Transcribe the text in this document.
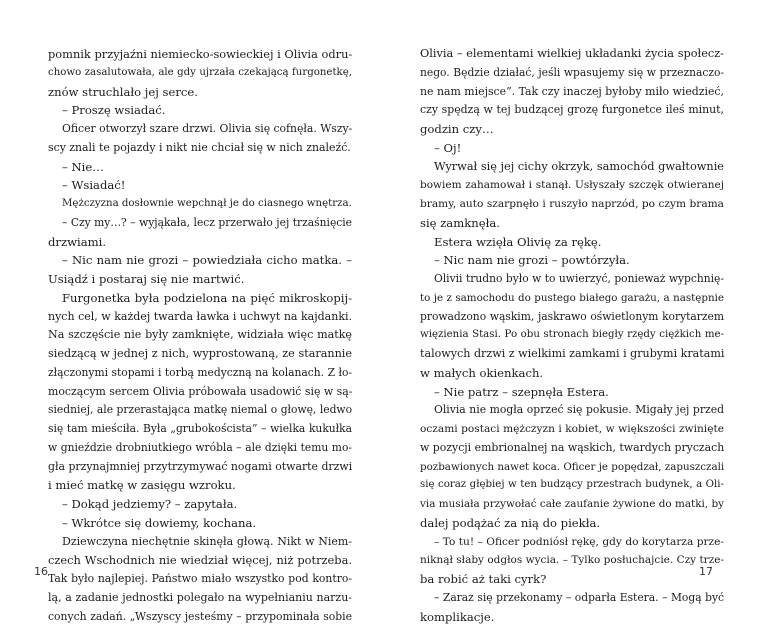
pomnik przyjaźni niemiecko-sowieckiej i Olivia odru-
chowo zasalutowała, ale gdy ujrzała czekającą furgonetkę,
znów struchlało jej serce.
– Proszę wsiadać.
Oficer otworzył szare drzwi. Olivia się cofnęła. Wszy-
scy znali te pojazdy i nikt nie chciał się w nich znaleźć.
– Nie…
– Wsiadać!
Mężczyzna dosłownie wepchnął je do ciasnego wnętrza.
– Czy my…? – wyjąkała, lecz przerwało jej trzaśnięcie
drzwiami.
– Nic nam nie grozi – powiedziała cicho matka. –
Usiądź i postaraj się nie martwić.
Furgonetka była podzielona na pięć mikroskopij-
nych cel, w każdej twarda ławka i uchwyt na kajdanki.
Na szczęście nie były zamknięte, widziała więc matkę
siedzącą w jednej z nich, wyprostowaną, ze starannie
złączonymi stopami i torbą medyczną na kolanach. Z ło-
moczącym sercem Olivia próbowała usadowić się w są-
siedniej, ale przerastająca matkę niemal o głowę, ledwo
się tam mieściła. Była „grubokoścista” – wielka kukułka
w gnieździe drobniutkiego wróbla – ale dzięki temu mo-
gła przynajmniej przytrzymywać nogami otwarte drzwi
i mieć matkę w zasięgu wzroku.
– Dokąd jedziemy? – zapytała.
– Wkrótce się dowiemy, kochana.
Dziewczyna niechętnie skinęła głową. Nikt w Niem-
czech Wschodnich nie wiedział więcej, niż potrzeba.
Tak było najlepiej. Państwo miało wszystko pod kontro-
lą, a zadanie jednostki polegało na wypełnianiu narzu-
conych zadań. „Wszyscy jesteśmy – przypominała sobie
Olivia – elementami wielkiej układanki życia społecz-
nego. Będzie działać, jeśli wpasujemy się w przeznaczo-
ne nam miejsce”. Tak czy inaczej byłoby miło wiedzieć,
czy spędzą w tej budzącej grozę furgonetce ileś minut,
godzin czy…
– Oj!
Wyrwał się jej cichy okrzyk, samochód gwałtownie
bowiem zahamował i stanął. Usłyszały szczęk otwieranej
bramy, auto szarpnęło i ruszyło naprzód, po czym brama
się zamknęła.
Estera wzięła Olivię za rękę.
– Nic nam nie grozi – powtórzyła.
Olivii trudno było w to uwierzyć, ponieważ wypchnię-
to je z samochodu do pustego białego garażu, a następnie
prowadzono wąskim, jaskrawo oświetlonym korytarzem
więzienia Stasi. Po obu stronach biegły rzędy ciężkich me-
talowych drzwi z wielkimi zamkami i grubymi kratami
w małych okienkach.
– Nie patrz – szepnęła Estera.
Olivia nie mogła oprzeć się pokusie. Migały jej przed
oczami postaci mężczyzn i kobiet, w większości zwinięte
w pozycji embrionalnej na wąskich, twardych pryczach
pozbawionych nawet koca. Oficer je popędzał, zapuszczali
się coraz głębiej w ten budzący przestrach budynek, a Oli-
via musiała przywołać całe zaufanie żywione do matki, by
dalej podążać za nią do piekła.
– To tu! – Oficer podniósł rękę, gdy do korytarza prze-
niknął słaby odgłos wycia. – Tylko posłuchajcie. Czy trze-
ba robić aż taki cyrk?
– Zaraz się przekonamy – odparła Estera. – Mogą być
komplikacje.
16	17
